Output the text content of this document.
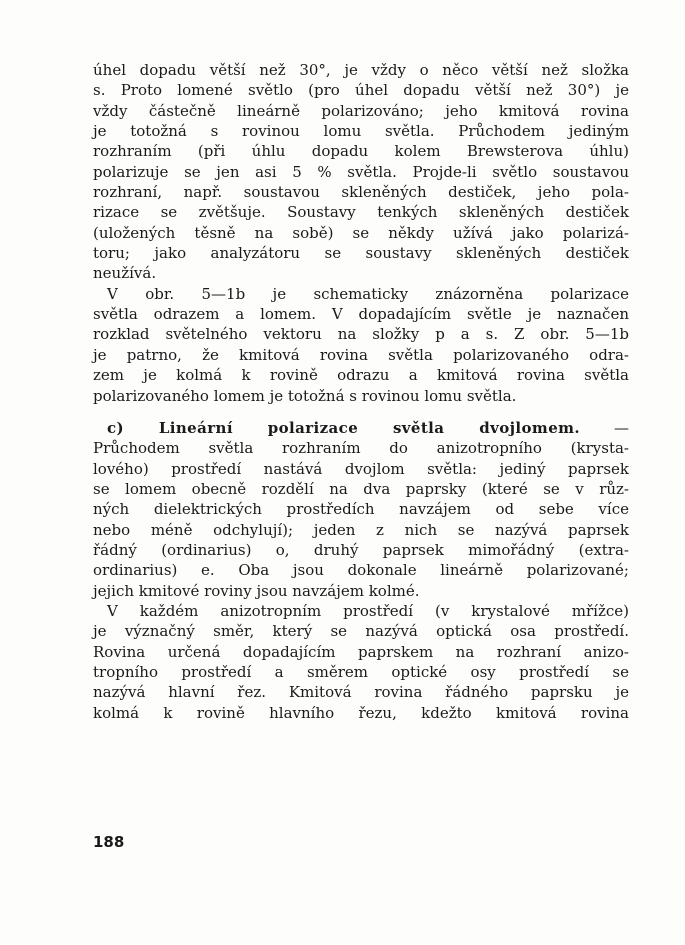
úhel dopadu větší než 30°, je vždy o něco větší než složka
s. Proto lomené světlo (pro úhel dopadu větší než 30°) je
vždy částečně lineárně polarizováno; jeho kmitová rovina
je totožná s rovinou lomu světla. Průchodem jediným
rozhraním (při úhlu dopadu kolem Brewsterova úhlu)
polarizuje se jen asi 5 % světla. Projde-li světlo soustavou
rozhraní, např. soustavou skleněných destiček, jeho pola-
rizace se zvětšuje. Soustavy tenkých skleněných destiček
(uložených těsně na sobě) se někdy užívá jako polarizá-
toru; jako analyzátoru se soustavy skleněných destiček
neužívá.
V obr. 5—1b je schematicky znázorněna polarizace
světla odrazem a lomem. V dopadajícím světle je naznačen
rozklad světelného vektoru na složky p a s. Z obr. 5—1b
je patrno, že kmitová rovina světla polarizovaného odra-
zem je kolmá k rovině odrazu a kmitová rovina světla
polarizovaného lomem je totožná s rovinou lomu světla.
c) Lineární polarizace světla dvojlomem. —
Průchodem světla rozhraním do anizotropního (krysta-
lového) prostředí nastává dvojlom světla: jediný paprsek
se lomem obecně rozdělí na dva paprsky (které se v růz-
ných dielektrických prostředích navzájem od sebe více
nebo méně odchylují); jeden z nich se nazývá paprsek
řádný (ordinarius) o, druhý paprsek mimořádný (extra-
ordinarius) e. Oba jsou dokonale lineárně polarizované;
jejich kmitové roviny jsou navzájem kolmé.
V každém anizotropním prostředí (v krystalové mřížce)
je význačný směr, který se nazývá optická osa prostředí.
Rovina určená dopadajícím paprskem na rozhraní anizo-
tropního prostředí a směrem optické osy prostředí se
nazývá hlavní řez. Kmitová rovina řádného paprsku je
kolmá k rovině hlavního řezu, kdežto kmitová rovina
188
